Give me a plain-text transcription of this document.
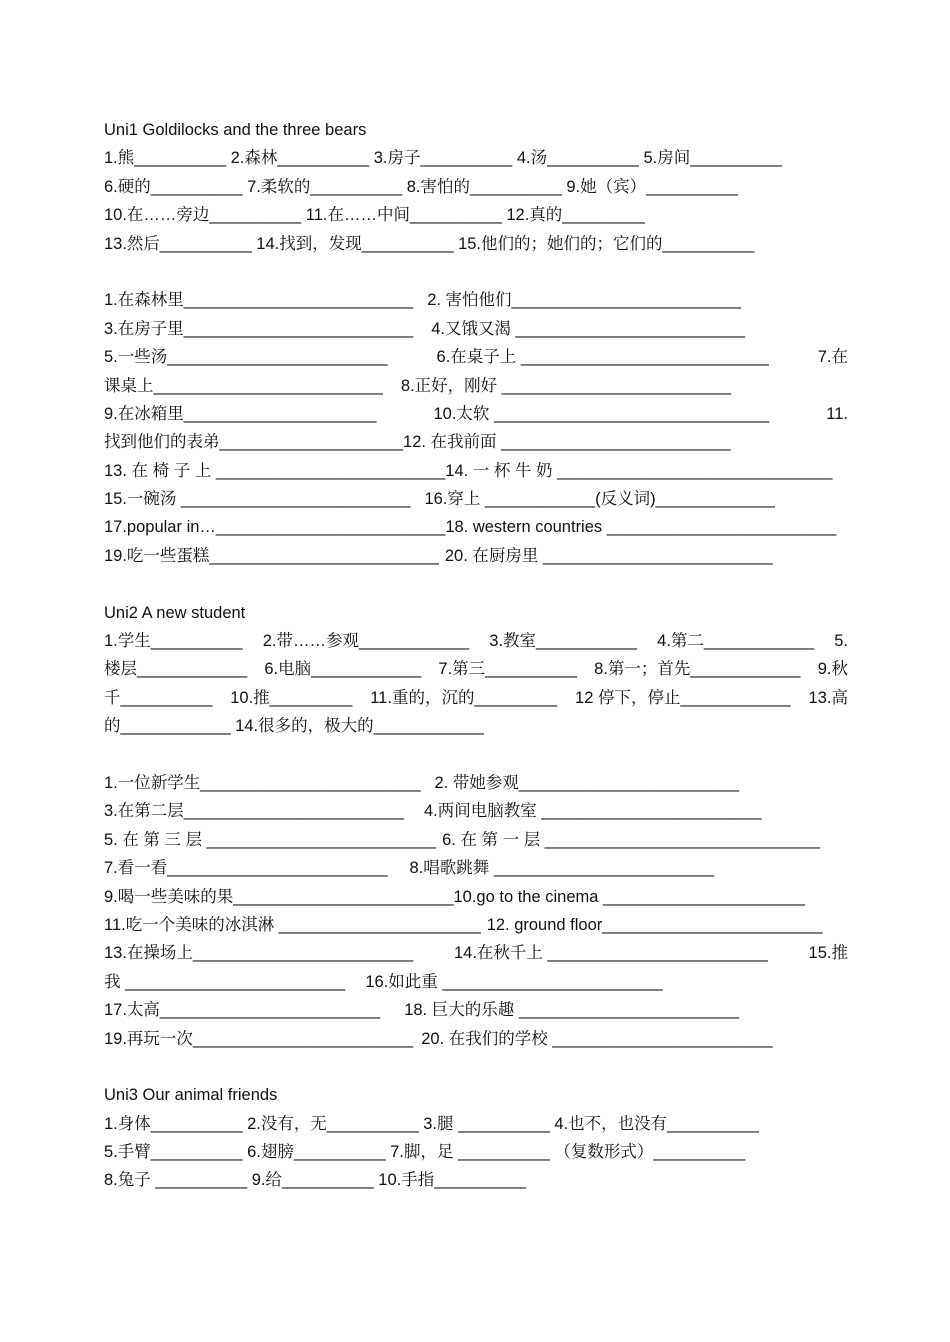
Uni1 Goldilocks and the three bears
1.熊__________ 2.森林__________ 3.房子__________ 4.汤__________ 5.房间__________
6.硬的__________ 7.柔软的__________ 8.害怕的__________ 9.她（宾）__________
10.在……旁边__________ 11.在……中间__________ 12.真的_________
13.然后__________ 14.找到，发现__________ 15.他们的；她们的；它们的__________
1.在森林里_________________________ 2. 害怕他们_________________________
3.在房子里_________________________ 4.又饿又渴 _________________________
5.一些汤________________________	6.在桌子上 ___________________________	7.在
课桌上_________________________ 8.正好，刚好 _________________________
9.在冰箱里_____________________	10.太软 ______________________________	11.
找到他们的表弟____________________12. 在我前面 _________________________
13. 在 椅 子 上 _________________________14. 一 杯 牛 奶 ______________________________
15.一碗汤 _________________________ 16.穿上 ____________(反义词)_____________
17.popular in…_________________________18. western countries _________________________
19.吃一些蛋糕_________________________ 20. 在厨房里 _________________________
Uni2 A new student
1.学生__________ 2.带……参观____________ 3.教室___________ 4.第二____________ 5.
楼层____________ 6.电脑____________ 7.第三__________ 8.第一；首先____________ 9.秋
千__________ 10.推_________ 11.重的，沉的_________ 12 停下，停止____________ 13.高
的____________ 14.很多的，极大的____________
1.一位新学生________________________ 2. 带她参观________________________
3.在第二层________________________ 4.两间电脑教室 ________________________
5. 在 第 三 层 _________________________ 6. 在 第 一 层 ______________________________
7.看一看________________________ 8.唱歌跳舞 ________________________
9.喝一些美味的果________________________10.go to the cinema ______________________
11.吃一个美味的冰淇淋 ______________________ 12. ground floor________________________
13.在操场上________________________ 14.在秋千上 ________________________ 15.推
我 ________________________ 16.如此重 ________________________
17.太高________________________ 18. 巨大的乐趣 ________________________
19.再玩一次________________________ 20. 在我们的学校 ________________________
Uni3 Our animal friends
1.身体__________ 2.没有，无__________ 3.腿 __________ 4.也不，也没有__________
5.手臂__________ 6.翅膀__________ 7.脚，足 __________ （复数形式）__________
8.兔子 __________ 9.给__________ 10.手指__________
